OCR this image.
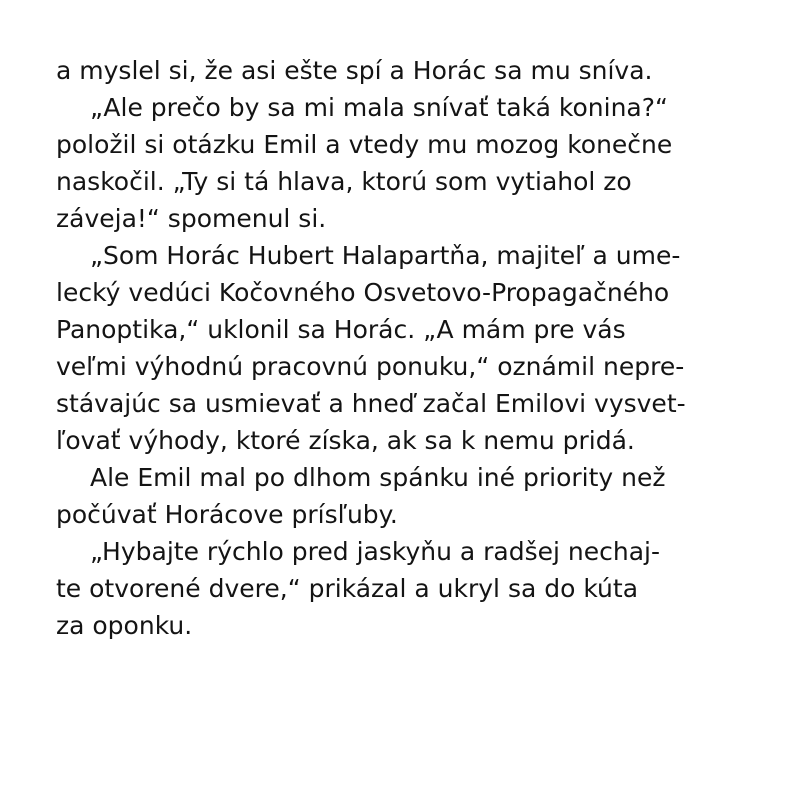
a myslel si, že asi ešte spí a Horác sa mu sníva.
„Ale prečo by sa mi mala snívať taká konina?“
položil si otázku Emil a vtedy mu mozog konečne
naskočil. „Ty si tá hlava, ktorú som vytiahol zo
záveja!“ spomenul si.
„Som Horác Hubert Halapartňa, majiteľ a ume-
lecký vedúci Kočovného Osvetovo-Propagačného
Panoptika,“ uklonil sa Horác. „A mám pre vás
veľmi výhodnú pracovnú ponuku,“ oznámil nepre-
stávajúc sa usmievať a hneď začal Emilovi vysvet-
ľovať výhody, ktoré získa, ak sa k nemu pridá.
Ale Emil mal po dlhom spánku iné priority než
počúvať Horácove prísľuby.
„Hybajte rýchlo pred jaskyňu a radšej nechaj-
te otvorené dvere,“ prikázal a ukryl sa do kúta
za oponku.
